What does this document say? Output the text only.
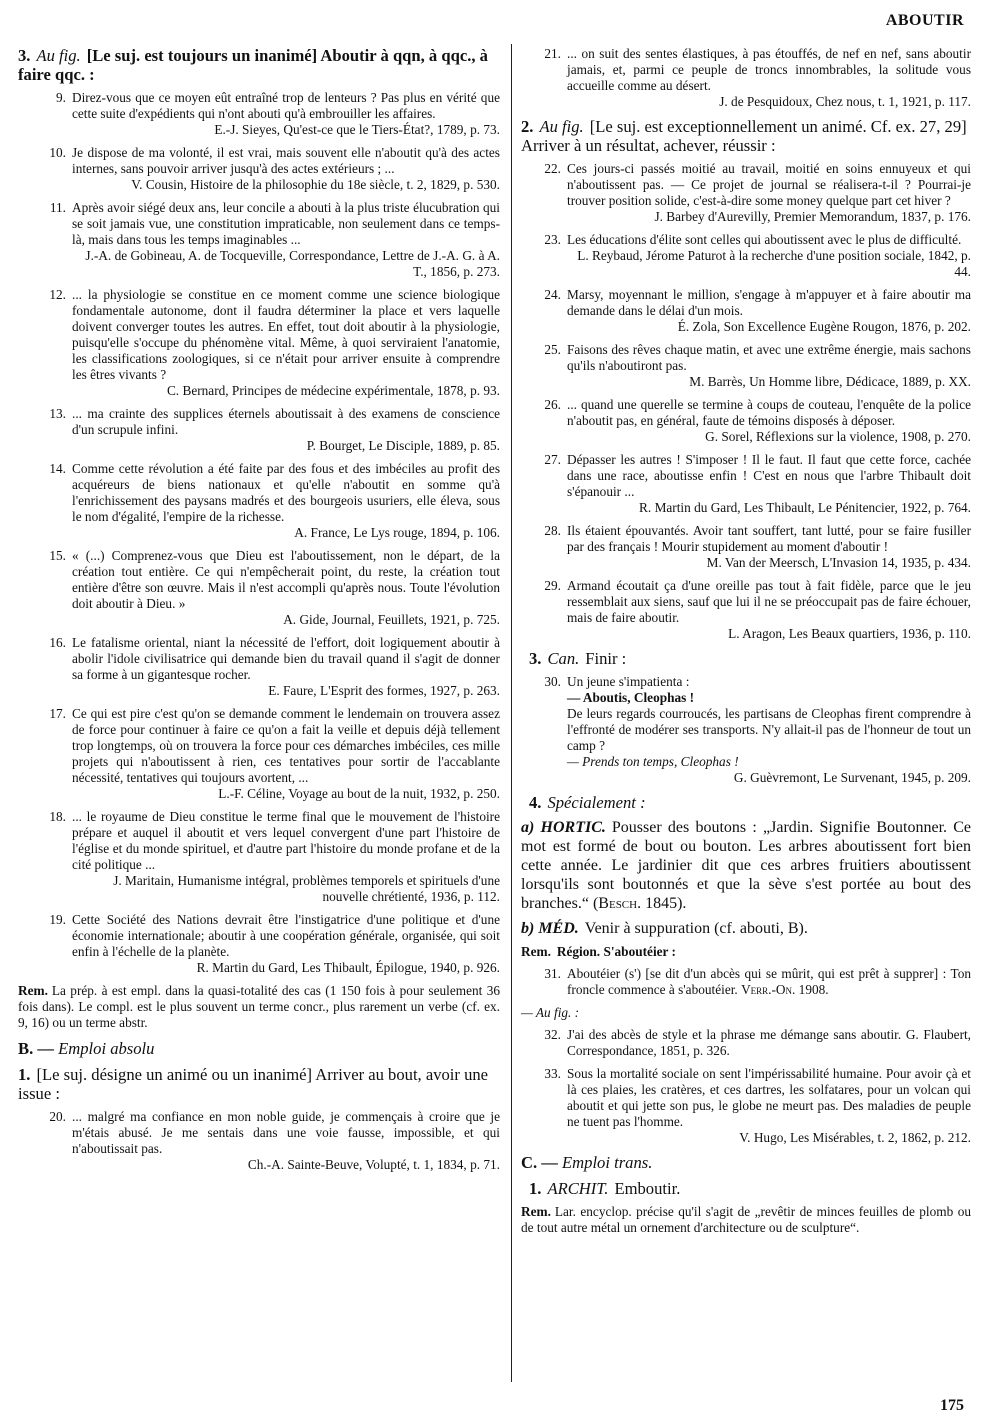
ABOUTIR
3. Au fig. [Le suj. est toujours un inanimé] Aboutir à qqn, à qqc., à faire qqc. :
9. Direz-vous que ce moyen eût entraîné trop de lenteurs ? Pas plus en vérité que cette suite d'expédients qui n'ont abouti qu'à embrouiller les affaires.
E.-J. Sieyes, Qu'est-ce que le Tiers-État?, 1789, p. 73.
10. Je dispose de ma volonté, il est vrai, mais souvent elle n'aboutit qu'à des actes internes, sans pouvoir arriver jusqu'à des actes extérieurs ; ...
V. Cousin, Histoire de la philosophie du 18e siècle, t. 2, 1829, p. 530.
11. Après avoir siégé deux ans, leur concile a abouti à la plus triste élucubration qui se soit jamais vue, une constitution impraticable, non seulement dans ce temps-là, mais dans tous les temps imaginables ...
J.-A. de Gobineau, A. de Tocqueville, Correspondance, Lettre de J.-A. G. à A. T., 1856, p. 273.
12. ... la physiologie se constitue en ce moment comme une science biologique fondamentale autonome, dont il faudra déterminer la place et vers laquelle doivent converger toutes les autres. En effet, tout doit aboutir à la physiologie, puisqu'elle s'occupe du phénomène vital. Même, à quoi serviraient l'anatomie, les classifications zoologiques, si ce n'était pour arriver ensuite à comprendre les êtres vivants ?
C. Bernard, Principes de médecine expérimentale, 1878, p. 93.
13. ... ma crainte des supplices éternels aboutissait à des examens de conscience d'un scrupule infini.
P. Bourget, Le Disciple, 1889, p. 85.
14. Comme cette révolution a été faite par des fous et des imbéciles au profit des acquéreurs de biens nationaux et qu'elle n'aboutit en somme qu'à l'enrichissement des paysans madrés et des bourgeois usuriers, elle éleva, sous le nom d'égalité, l'empire de la richesse.
A. France, Le Lys rouge, 1894, p. 106.
15. « (...) Comprenez-vous que Dieu est l'aboutissement, non le départ, de la création tout entière. Ce qui n'empêcherait point, du reste, la création tout entière d'être son œuvre. Mais il n'est accompli qu'après nous. Toute l'évolution doit aboutir à Dieu. »
A. Gide, Journal, Feuillets, 1921, p. 725.
16. Le fatalisme oriental, niant la nécessité de l'effort, doit logiquement aboutir à abolir l'idole civilisatrice qui demande bien du travail quand il s'agit de donner sa forme à un gigantesque rocher.
E. Faure, L'Esprit des formes, 1927, p. 263.
17. Ce qui est pire c'est qu'on se demande comment le lendemain on trouvera assez de force pour continuer à faire ce qu'on a fait la veille et depuis déjà tellement trop longtemps, où on trouvera la force pour ces démarches imbéciles, ces mille projets qui n'aboutissent à rien, ces tentatives pour sortir de l'accablante nécessité, tentatives qui toujours avortent, ...
L.-F. Céline, Voyage au bout de la nuit, 1932, p. 250.
18. ... le royaume de Dieu constitue le terme final que le mouvement de l'histoire prépare et auquel il aboutit et vers lequel convergent d'une part l'histoire de l'église et du monde spirituel, et d'autre part l'histoire du monde profane et de la cité politique ...
J. Maritain, Humanisme intégral, problèmes temporels et spirituels d'une nouvelle chrétienté, 1936, p. 112.
19. Cette Société des Nations devrait être l'instigatrice d'une politique et d'une économie internationale; aboutir à une coopération générale, organisée, qui soit enfin à l'échelle de la planète.
R. Martin du Gard, Les Thibault, Épilogue, 1940, p. 926.
Rem. La prép. à est empl. dans la quasi-totalité des cas (1 150 fois à pour seulement 36 fois dans). Le compl. est le plus souvent un terme concr., plus rarement un verbe (cf. ex. 9, 16) ou un terme abstr.
B. — Emploi absolu
1. [Le suj. désigne un animé ou un inanimé] Arriver au bout, avoir une issue :
20. ... malgré ma confiance en mon noble guide, je commençais à croire que je m'étais abusé. Je me sentais dans une voie fausse, impossible, et qui n'aboutissait pas.
Ch.-A. Sainte-Beuve, Volupté, t. 1, 1834, p. 71.
21. ... on suit des sentes élastiques, à pas étouffés, de nef en nef, sans aboutir jamais, et, parmi ce peuple de troncs innombrables, la solitude vous accueille comme au désert.
J. de Pesquidoux, Chez nous, t. 1, 1921, p. 117.
2. Au fig. [Le suj. est exceptionnellement un animé. Cf. ex. 27, 29] Arriver à un résultat, achever, réussir :
22. Ces jours-ci passés moitié au travail, moitié en soins ennuyeux et qui n'aboutissent pas. — Ce projet de journal se réalisera-t-il ? Pourrai-je trouver position solide, c'est-à-dire some money quelque part cet hiver ?
J. Barbey d'Aurevilly, Premier Memorandum, 1837, p. 176.
23. Les éducations d'élite sont celles qui aboutissent avec le plus de difficulté.
L. Reybaud, Jérome Paturot à la recherche d'une position sociale, 1842, p. 44.
24. Marsy, moyennant le million, s'engage à m'appuyer et à faire aboutir ma demande dans le délai d'un mois.
É. Zola, Son Excellence Eugène Rougon, 1876, p. 202.
25. Faisons des rêves chaque matin, et avec une extrême énergie, mais sachons qu'ils n'aboutiront pas.
M. Barrès, Un Homme libre, Dédicace, 1889, p. XX.
26. ... quand une querelle se termine à coups de couteau, l'enquête de la police n'aboutit pas, en général, faute de témoins disposés à déposer.
G. Sorel, Réflexions sur la violence, 1908, p. 270.
27. Dépasser les autres ! S'imposer ! Il le faut. Il faut que cette force, cachée dans une race, aboutisse enfin ! C'est en nous que l'arbre Thibault doit s'épanouir ...
R. Martin du Gard, Les Thibault, Le Pénitencier, 1922, p. 764.
28. Ils étaient épouvantés. Avoir tant souffert, tant lutté, pour se faire fusiller par des français ! Mourir stupidement au moment d'aboutir !
M. Van der Meersch, L'Invasion 14, 1935, p. 434.
29. Armand écoutait ça d'une oreille pas tout à fait fidèle, parce que le jeu ressemblait aux siens, sauf que lui il ne se préoccupait pas de faire échouer, mais de faire aboutir.
L. Aragon, Les Beaux quartiers, 1936, p. 110.
3. Can. Finir :
30. Un jeune s'impatienta :
— Aboutis, Cleophas !
De leurs regards courroucés, les partisans de Cleophas firent comprendre à l'effronté de modérer ses transports. N'y allait-il pas de l'honneur de tout un camp ?
— Prends ton temps, Cleophas !
G. Guèvremont, Le Survenant, 1945, p. 209.
4. Spécialement :
a) HORTIC. Pousser des boutons : „Jardin. Signifie Boutonner. Ce mot est formé de bout ou bouton. Les arbres aboutissent fort bien cette année. Le jardinier dit que ces arbres fruitiers aboutissent lorsqu'ils sont boutonnés et que la sève s'est portée au bout des branches.“ (Besch. 1845).
b) MÉD. Venir à suppuration (cf. abouti, B).
Rem. Région. S'aboutéier :
31. Aboutéier (s') [se dit d'un abcès qui se mûrit, qui est prêt à supprer] : Ton froncle commence à s'aboutéier. Verr.-On. 1908.
— Au fig. :
32. J'ai des abcès de style et la phrase me démange sans aboutir. G. Flaubert, Correspondance, 1851, p. 326.
33. Sous la mortalité sociale on sent l'impérissabilité humaine. Pour avoir çà et là ces plaies, les cratères, et ces dartres, les solfatares, pour un volcan qui aboutit et qui jette son pus, le globe ne meurt pas. Des maladies de peuple ne tuent pas l'homme.
V. Hugo, Les Misérables, t. 2, 1862, p. 212.
C. — Emploi trans.
1. ARCHIT. Emboutir.
Rem. Lar. encyclop. précise qu'il s'agit de „revêtir de minces feuilles de plomb ou de tout autre métal un ornement d'architecture ou de sculpture“.
175
